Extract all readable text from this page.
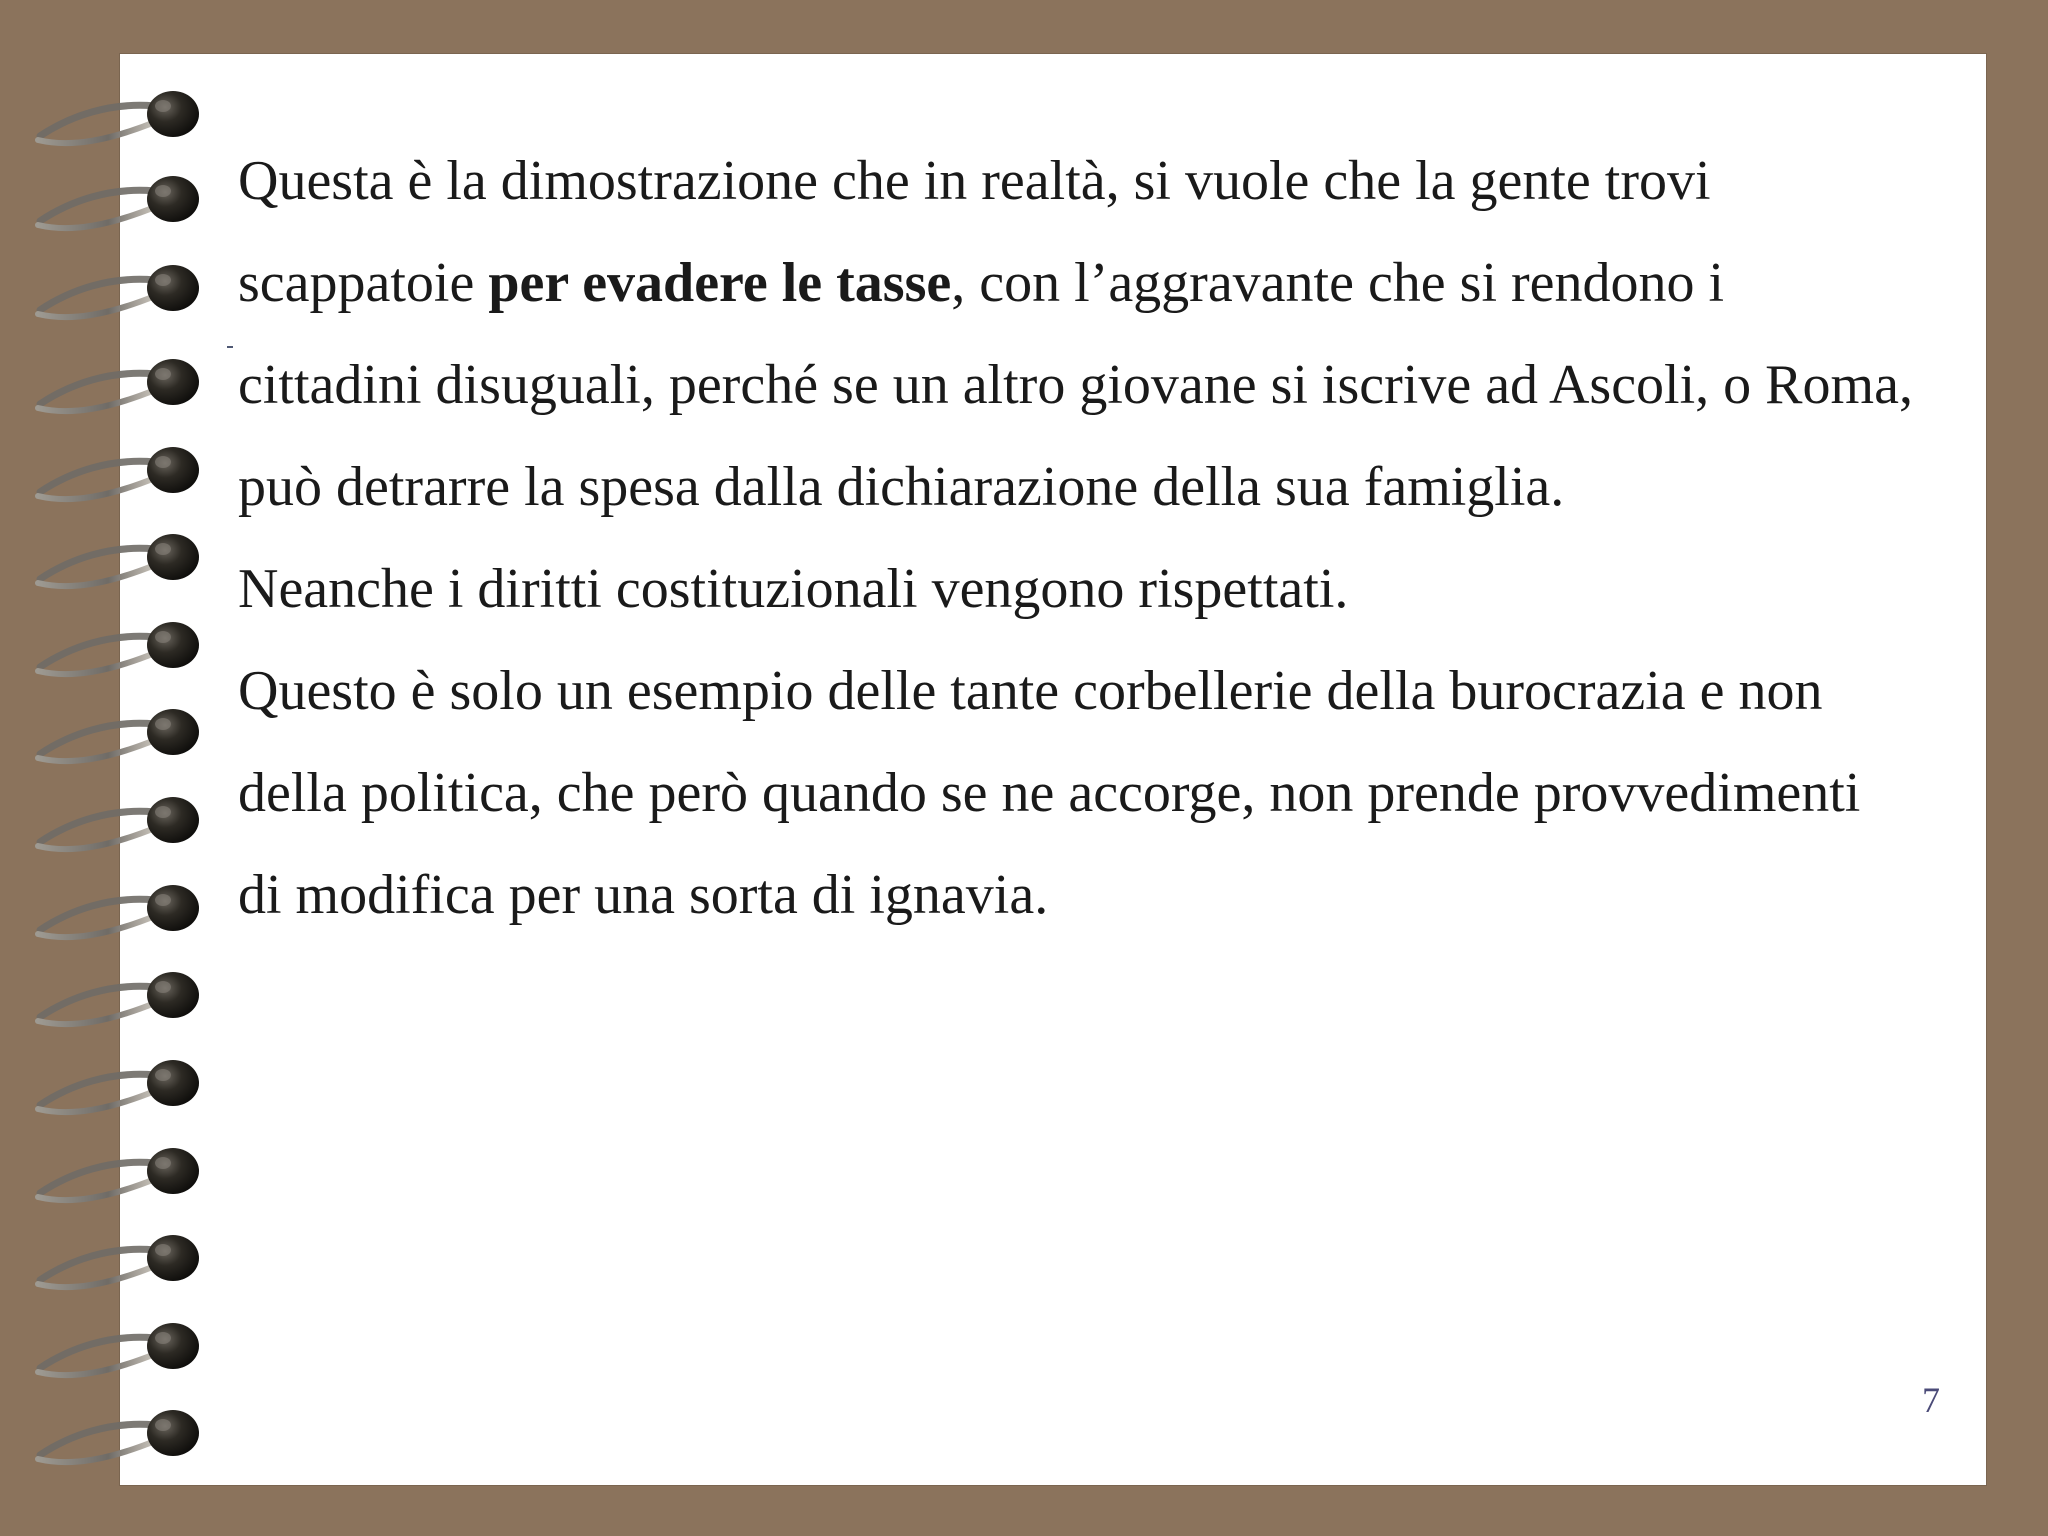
Questa è la dimostrazione che in realtà, si vuole che la gente trovi
scappatoie per evadere le tasse, con l’aggravante che si rendono i
cittadini disuguali, perché se un altro giovane si iscrive ad Ascoli, o Roma,
può detrarre la spesa dalla dichiarazione della sua famiglia.
Neanche i diritti costituzionali vengono rispettati.
Questo è solo un esempio delle tante corbellerie della burocrazia e non
della politica, che però quando se ne accorge, non prende provvedimenti
di modifica per una sorta di ignavia.
7
